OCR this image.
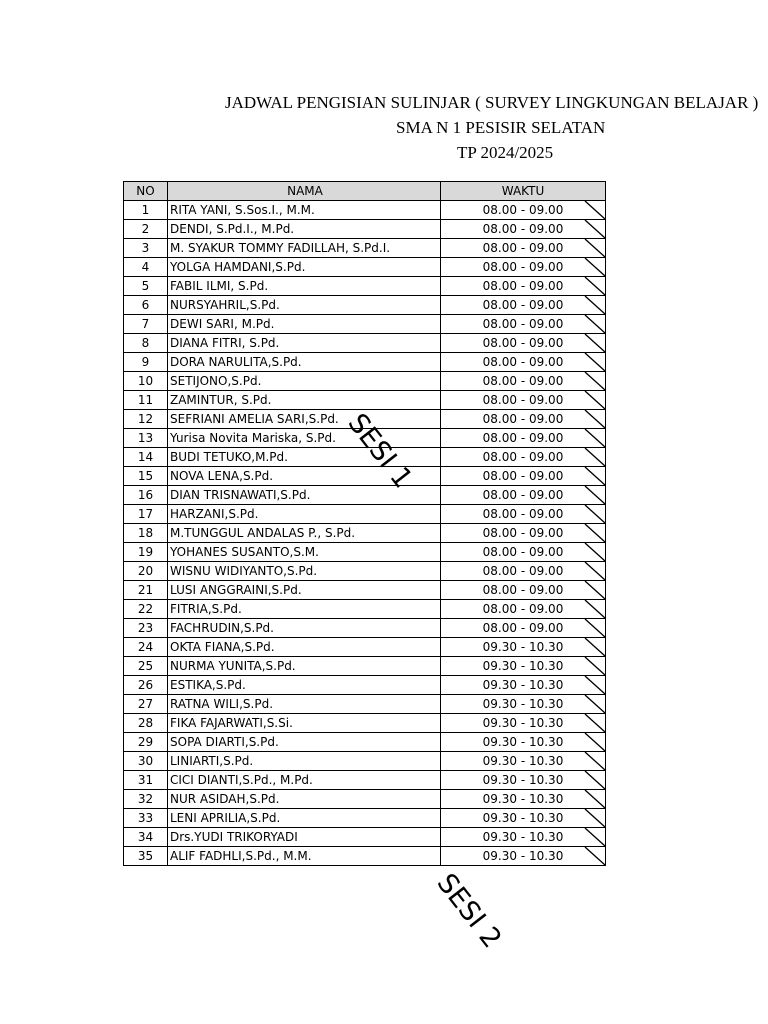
JADWAL PENGISIAN SULINJAR ( SURVEY LINGKUNGAN BELAJAR )
SMA N 1 PESISIR SELATAN
TP 2024/2025
NO	NAMA	WAKTU
1	RITA YANI, S.Sos.I., M.M.	08.00 - 09.00

2	DENDI, S.Pd.I., M.Pd.	08.00 - 09.00

3	M. SYAKUR TOMMY FADILLAH, S.Pd.I.	08.00 - 09.00

4	YOLGA HAMDANI,S.Pd.	08.00 - 09.00

5	FABIL ILMI, S.Pd.	08.00 - 09.00

6	NURSYAHRIL,S.Pd.	08.00 - 09.00

7	DEWI SARI, M.Pd.	08.00 - 09.00

8	DIANA FITRI, S.Pd.	08.00 - 09.00

9	DORA NARULITA,S.Pd.	08.00 - 09.00

10	SETIJONO,S.Pd.	08.00 - 09.00

11	ZAMINTUR, S.Pd.	08.00 - 09.00

12	SEFRIANI AMELIA SARI,S.Pd.	08.00 - 09.00

13	Yurisa Novita Mariska, S.Pd.	08.00 - 09.00

14	BUDI TETUKO,M.Pd.	08.00 - 09.00

15	NOVA LENA,S.Pd.	08.00 - 09.00

16	DIAN TRISNAWATI,S.Pd.	08.00 - 09.00

17	HARZANI,S.Pd.	08.00 - 09.00

18	M.TUNGGUL ANDALAS P., S.Pd.	08.00 - 09.00

19	YOHANES SUSANTO,S.M.	08.00 - 09.00

20	WISNU WIDIYANTO,S.Pd.	08.00 - 09.00

21	LUSI ANGGRAINI,S.Pd.	08.00 - 09.00

22	FITRIA,S.Pd.	08.00 - 09.00

23	FACHRUDIN,S.Pd.	08.00 - 09.00

24	OKTA FIANA,S.Pd.	09.30 - 10.30

25	NURMA YUNITA,S.Pd.	09.30 - 10.30

26	ESTIKA,S.Pd.	09.30 - 10.30

27	RATNA WILI,S.Pd.	09.30 - 10.30

28	FIKA FAJARWATI,S.Si.	09.30 - 10.30

29	SOPA DIARTI,S.Pd.	09.30 - 10.30

30	LINIARTI,S.Pd.	09.30 - 10.30

31	CICI DIANTI,S.Pd., M.Pd.	09.30 - 10.30

32	NUR ASIDAH,S.Pd.	09.30 - 10.30

33	LENI APRILIA,S.Pd.	09.30 - 10.30

34	Drs.YUDI TRIKORYADI	09.30 - 10.30

35	ALIF FADHLI,S.Pd., M.M.	09.30 - 10.30
SESI 1
SESI 2
